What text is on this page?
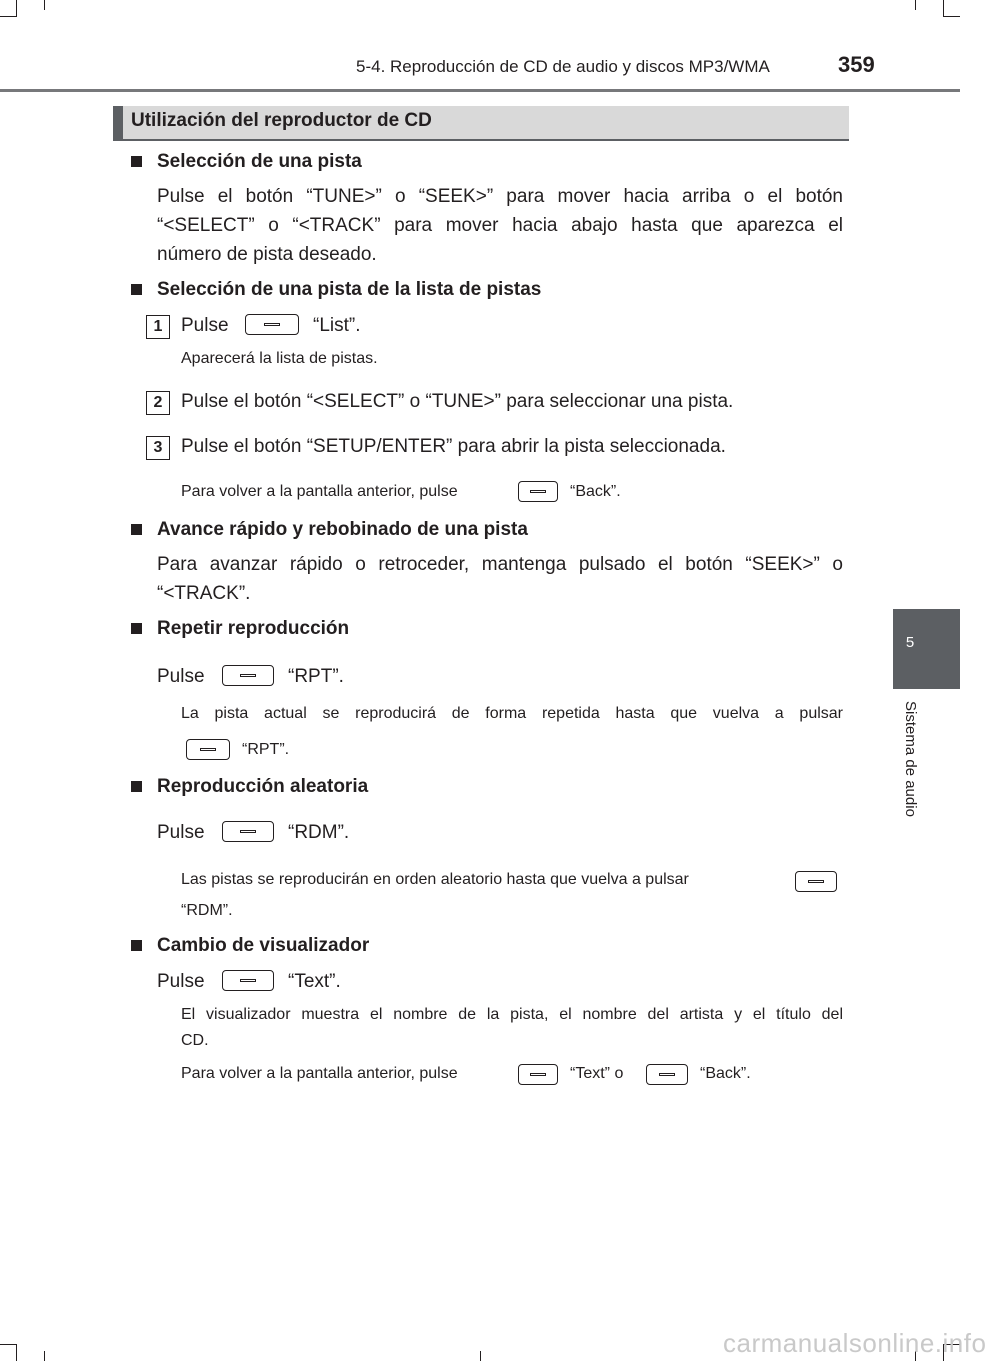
5-4. Reproducción de CD de audio y discos MP3/WMA	359
5
Sistema de audio
Utilización del reproductor de CD
Selección de una pista
Pulse el botón “TUNE>” o “SEEK>” para mover hacia arriba o el botón
“<SELECT” o “<TRACK” para mover hacia abajo hasta que aparezca el
número de pista deseado.
Selección de una pista de la lista de pistas
1 Pulse	“List”.
Aparecerá la lista de pistas.
2 Pulse el botón “<SELECT” o “TUNE>” para seleccionar una pista.
3 Pulse el botón “SETUP/ENTER” para abrir la pista seleccionada.
Para volver a la pantalla anterior, pulse	“Back”.
Avance rápido y rebobinado de una pista
Para avanzar rápido o retroceder, mantenga pulsado el botón “SEEK>” o
“<TRACK”.
Repetir reproducción
Pulse	“RPT”.
La pista actual se reproducirá de forma repetida hasta que vuelva a pulsar
“RPT”.
Reproducción aleatoria
Pulse	“RDM”.
Las pistas se reproducirán en orden aleatorio hasta que vuelva a pulsar
“RDM”.
Cambio de visualizador
Pulse	“Text”.
El visualizador muestra el nombre de la pista, el nombre del artista y el título del
CD.
Para volver a la pantalla anterior, pulse	“Text” o	“Back”.
carmanualsonline.info
